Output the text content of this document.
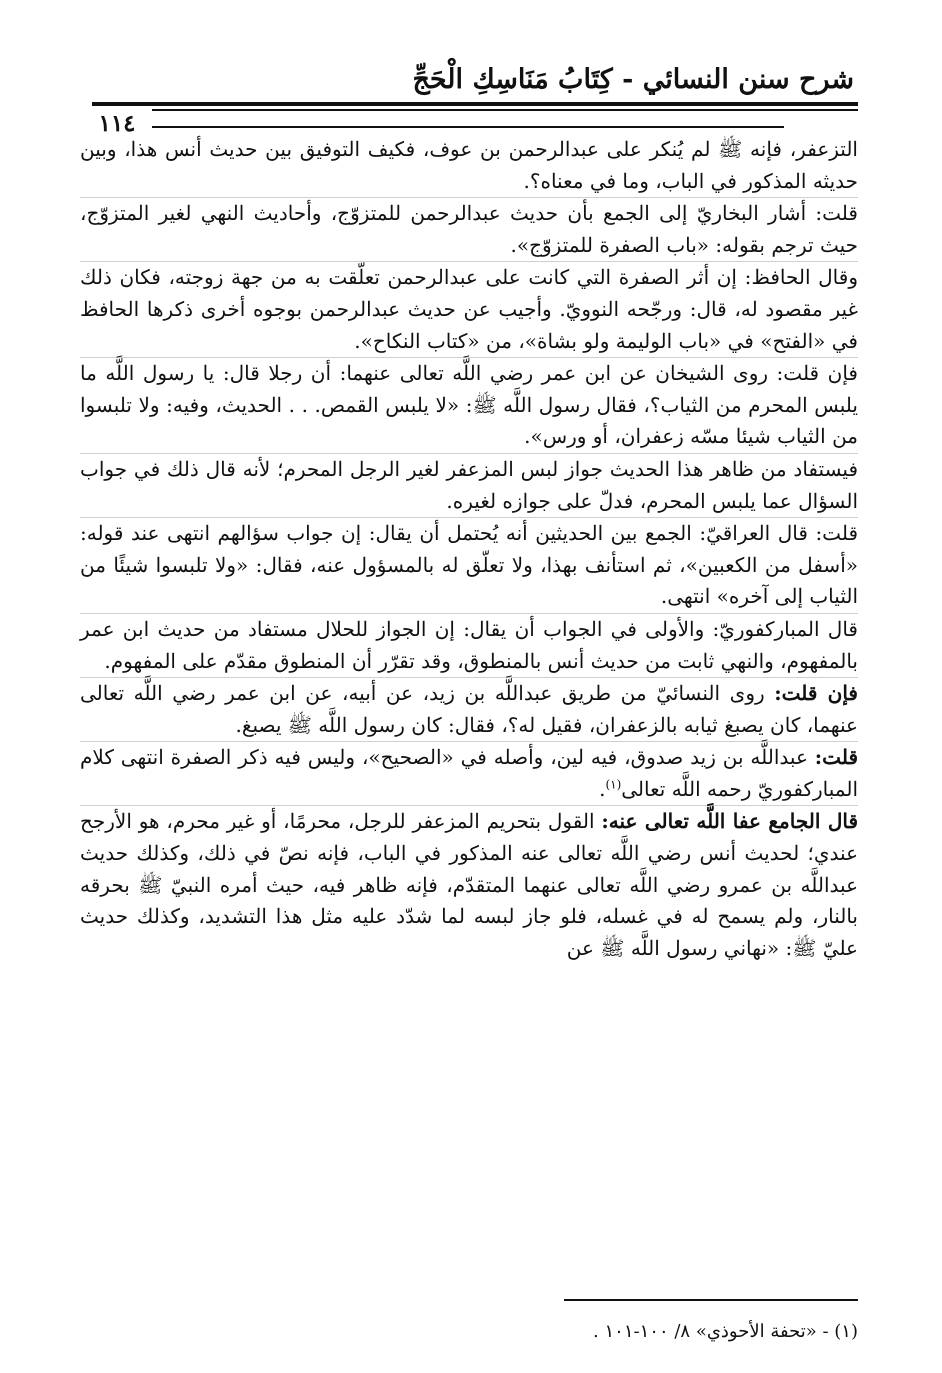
شرح سنن النسائي - كِتَابُ مَنَاسِكِ الْحَجِّ
١١٤

التزعفر، فإنه ﷺ لم يُنكر على عبدالرحمن بن عوف، فكيف التوفيق بين حديث أنس هذا، وبين حديثه المذكور في الباب، وما في معناه؟.

قلت: أشار البخاريّ إلى الجمع بأن حديث عبدالرحمن للمتزوّج، وأحاديث النهي لغير المتزوّج، حيث ترجم بقوله: «باب الصفرة للمتزوّج».

وقال الحافظ: إن أثر الصفرة التي كانت على عبدالرحمن تعلّقت به من جهة زوجته، فكان ذلك غير مقصود له، قال: ورجّحه النوويّ. وأجيب عن حديث عبدالرحمن بوجوه أخرى ذكرها الحافظ في «الفتح» في «باب الوليمة ولو بشاة»، من «كتاب النكاح».

فإن قلت: روى الشيخان عن ابن عمر رضي اللَّه تعالى عنهما: أن رجلا قال: يا رسول اللَّه ما يلبس المحرم من الثياب؟، فقال رسول اللَّه ﷺ: «لا يلبس القمص. . . الحديث، وفيه: ولا تلبسوا من الثياب شيئا مسّه زعفران، أو ورس».

فيستفاد من ظاهر هذا الحديث جواز لبس المزعفر لغير الرجل المحرم؛ لأنه قال ذلك في جواب السؤال عما يلبس المحرم، فدلّ على جوازه لغيره.

قلت: قال العراقيّ: الجمع بين الحديثين أنه يُحتمل أن يقال: إن جواب سؤالهم انتهى عند قوله: «أسفل من الكعبين»، ثم استأنف بهذا، ولا تعلّق له بالمسؤول عنه، فقال: «ولا تلبسوا شيئًا من الثياب إلى آخره» انتهى.

قال المباركفوريّ: والأولى في الجواب أن يقال: إن الجواز للحلال مستفاد من حديث ابن عمر بالمفهوم، والنهي ثابت من حديث أنس بالمنطوق، وقد تقرّر أن المنطوق مقدّم على المفهوم.

فإن قلت: روى النسائيّ من طريق عبداللَّه بن زيد، عن أبيه، عن ابن عمر رضي اللَّه تعالى عنهما، كان يصبغ ثيابه بالزعفران، فقيل له؟، فقال: كان رسول اللَّه ﷺ يصبغ.

قلت: عبداللَّه بن زيد صدوق، فيه لين، وأصله في «الصحيح»، وليس فيه ذكر الصفرة انتهى كلام المباركفوريّ رحمه اللَّه تعالى$^{(١)}$.

قال الجامع عفا اللَّه تعالى عنه: القول بتحريم المزعفر للرجل، محرمًا، أو غير محرم، هو الأرجح عندي؛ لحديث أنس رضي اللَّه تعالى عنه المذكور في الباب، فإنه نصّ في ذلك، وكذلك حديث عبداللَّه بن عمرو رضي اللَّه تعالى عنهما المتقدّم، فإنه ظاهر فيه، حيث أمره النبيّ ﷺ بحرقه بالنار، ولم يسمح له في غسله، فلو جاز لبسه لما شدّد عليه مثل هذا التشديد، وكذلك حديث عليّ ﷺ: «نهاني رسول اللَّه ﷺ عن

(١) - «تحفة الأحوذي» ٨/ ١٠٠-١٠١ .
